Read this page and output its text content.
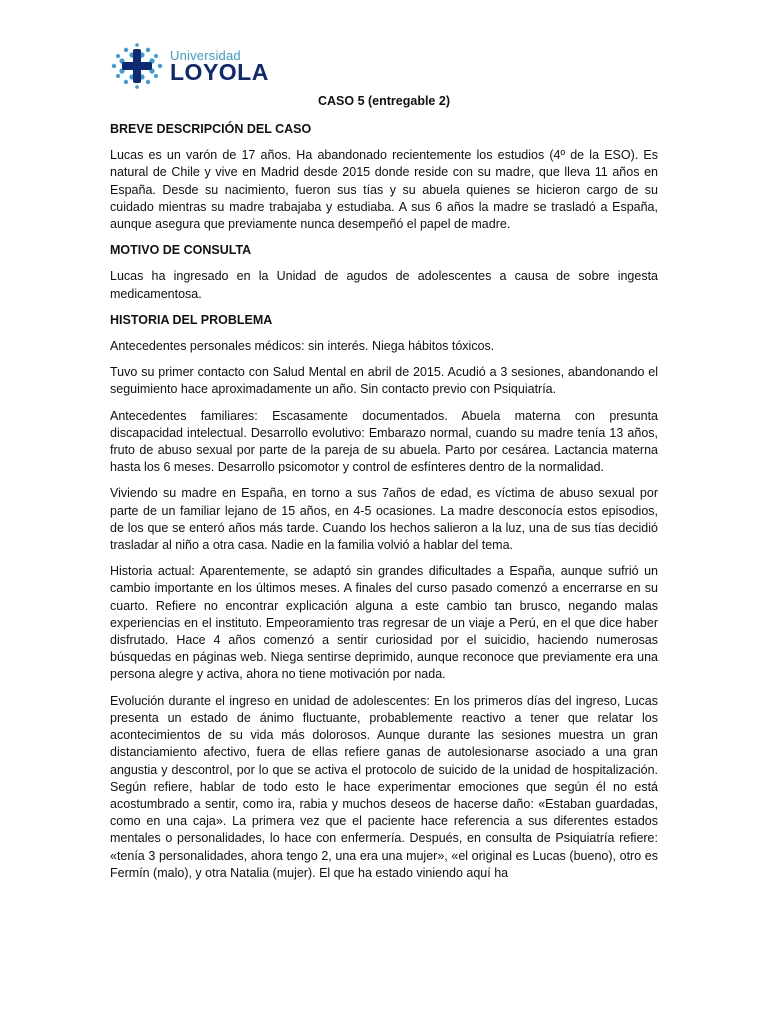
Universidad
LOYOLA
CASO 5 (entregable 2)
BREVE DESCRIPCIÓN DEL CASO

Lucas es un varón de 17 años. Ha abandonado recientemente los estudios (4º de la ESO). Es natural de Chile y vive en Madrid desde 2015 donde reside con su madre, que lleva 11 años en España. Desde su nacimiento, fueron sus tías y su abuela quienes se hicieron cargo de su cuidado mientras su madre trabajaba y estudiaba. A sus 6 años la madre se trasladó a España, aunque asegura que previamente nunca desempeñó el papel de madre.

MOTIVO DE CONSULTA

Lucas ha ingresado en la Unidad de agudos de adolescentes a causa de sobre ingesta medicamentosa.

HISTORIA DEL PROBLEMA

Antecedentes personales médicos: sin interés. Niega hábitos tóxicos.

Tuvo su primer contacto con Salud Mental en abril de 2015. Acudió a 3 sesiones, abandonando el seguimiento hace aproximadamente un año. Sin contacto previo con Psiquiatría.

Antecedentes familiares: Escasamente documentados. Abuela materna con presunta discapacidad intelectual. Desarrollo evolutivo: Embarazo normal, cuando su madre tenía 13 años, fruto de abuso sexual por parte de la pareja de su abuela. Parto por cesárea. Lactancia materna hasta los 6 meses. Desarrollo psicomotor y control de esfínteres dentro de la normalidad.

Viviendo su madre en España, en torno a sus 7años de edad, es víctima de abuso sexual por parte de un familiar lejano de 15 años, en 4-5 ocasiones. La madre desconocía estos episodios, de los que se enteró años más tarde. Cuando los hechos salieron a la luz, una de sus tías decidió trasladar al niño a otra casa. Nadie en la familia volvió a hablar del tema.

Historia actual: Aparentemente, se adaptó sin grandes dificultades a España, aunque sufrió un cambio importante en los últimos meses. A finales del curso pasado comenzó a encerrarse en su cuarto. Refiere no encontrar explicación alguna a este cambio tan brusco, negando malas experiencias en el instituto. Empeoramiento tras regresar de un viaje a Perú, en el que dice haber disfrutado. Hace 4 años comenzó a sentir curiosidad por el suicidio, haciendo numerosas búsquedas en páginas web. Niega sentirse deprimido, aunque reconoce que previamente era una persona alegre y activa, ahora no tiene motivación por nada.

Evolución durante el ingreso en unidad de adolescentes: En los primeros días del ingreso, Lucas presenta un estado de ánimo fluctuante, probablemente reactivo a tener que relatar los acontecimientos de su vida más dolorosos. Aunque durante las sesiones muestra un gran distanciamiento afectivo, fuera de ellas refiere ganas de autolesionarse asociado a una gran angustia y descontrol, por lo que se activa el protocolo de suicido de la unidad de hospitalización. Según refiere, hablar de todo esto le hace experimentar emociones que según él no está acostumbrado a sentir, como ira, rabia y muchos deseos de hacerse daño: «Estaban guardadas, como en una caja». La primera vez que el paciente hace referencia a sus diferentes estados mentales o personalidades, lo hace con enfermería. Después, en consulta de Psiquiatría refiere: «tenía 3 personalidades, ahora tengo 2, una era una mujer», «el original es Lucas (bueno), otro es Fermín (malo), y otra Natalia (mujer). El que ha estado viniendo aquí ha
